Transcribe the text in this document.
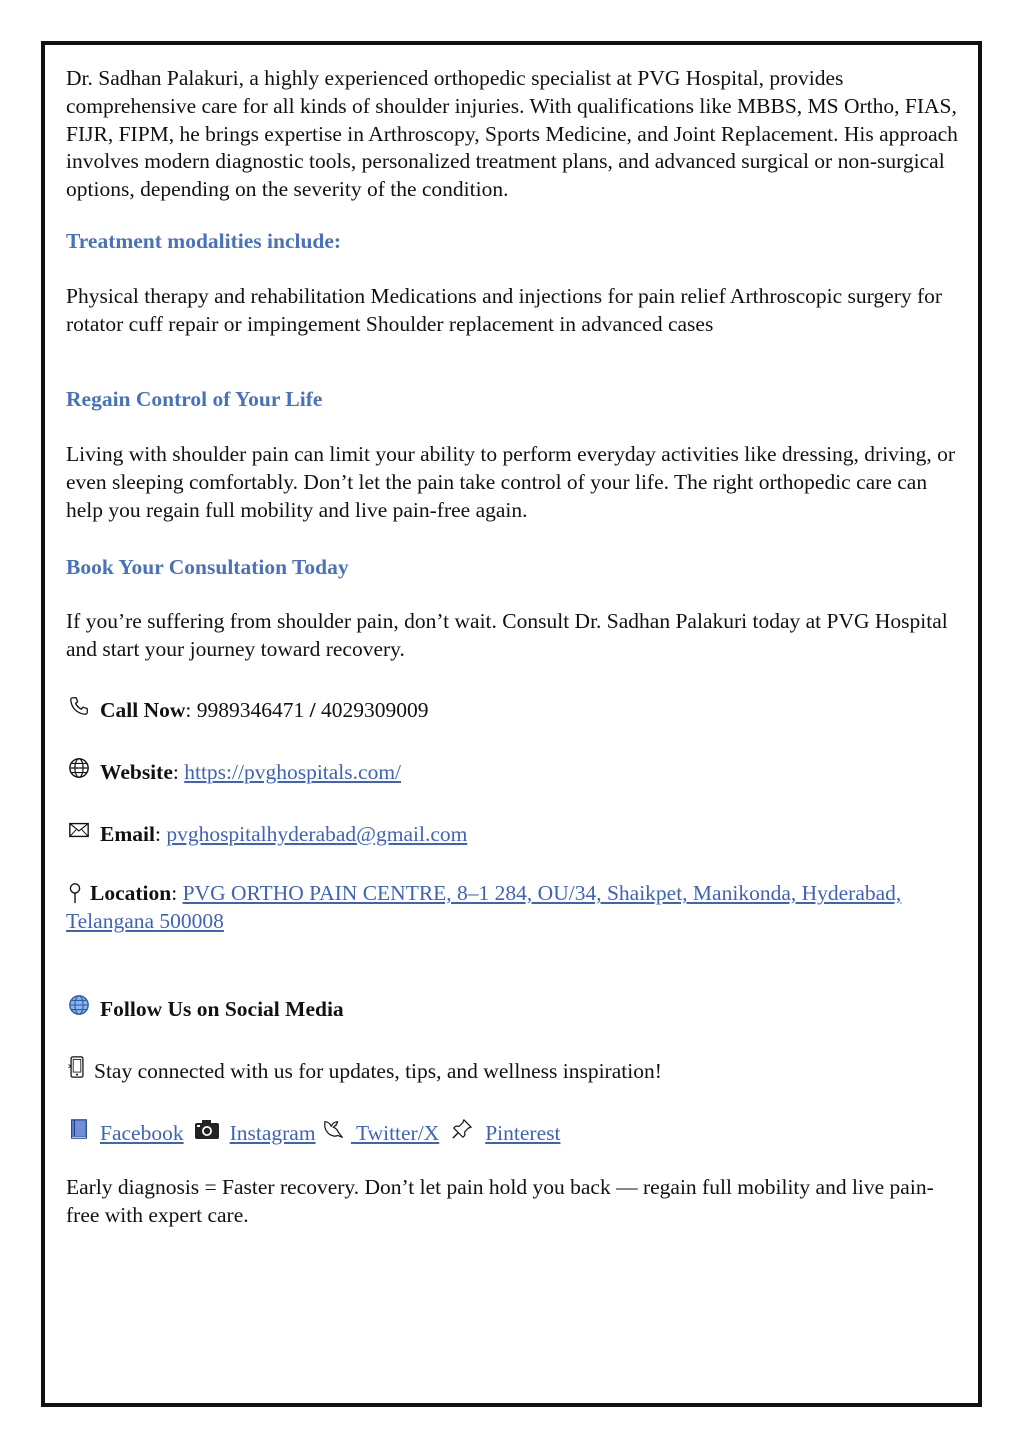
Dr. Sadhan Palakuri, a highly experienced orthopedic specialist at PVG Hospital, provides comprehensive care for all kinds of shoulder injuries. With qualifications like MBBS, MS Ortho, FIAS, FIJR, FIPM, he brings expertise in Arthroscopy, Sports Medicine, and Joint Replacement. His approach involves modern diagnostic tools, personalized treatment plans, and advanced surgical or non-surgical options, depending on the severity of the condition.

Treatment modalities include:

Physical therapy and rehabilitation Medications and injections for pain relief Arthroscopic surgery for rotator cuff repair or impingement Shoulder replacement in advanced cases

Regain Control of Your Life

Living with shoulder pain can limit your ability to perform everyday activities like dressing, driving, or even sleeping comfortably. Don’t let the pain take control of your life. The right orthopedic care can help you regain full mobility and live pain-free again.

Book Your Consultation Today

If you’re suffering from shoulder pain, don’t wait. Consult Dr. Sadhan Palakuri today at PVG Hospital and start your journey toward recovery.

Call Now : 9989346471 / 4029309009
Website : https://pvghospitals.com/
Email : pvghospitalhyderabad@gmail.com

Location: PVG ORTHO PAIN CENTRE, 8–1 284, OU/34, Shaikpet, Manikonda, Hyderabad, Telangana 500008

Follow Us on Social Media
Stay connected with us for updates, tips, and wellness inspiration!
Facebook Instagram
Twitter/X Pinterest

Early diagnosis = Faster recovery. Don’t let pain hold you back — regain full mobility and live pain-free with expert care.
